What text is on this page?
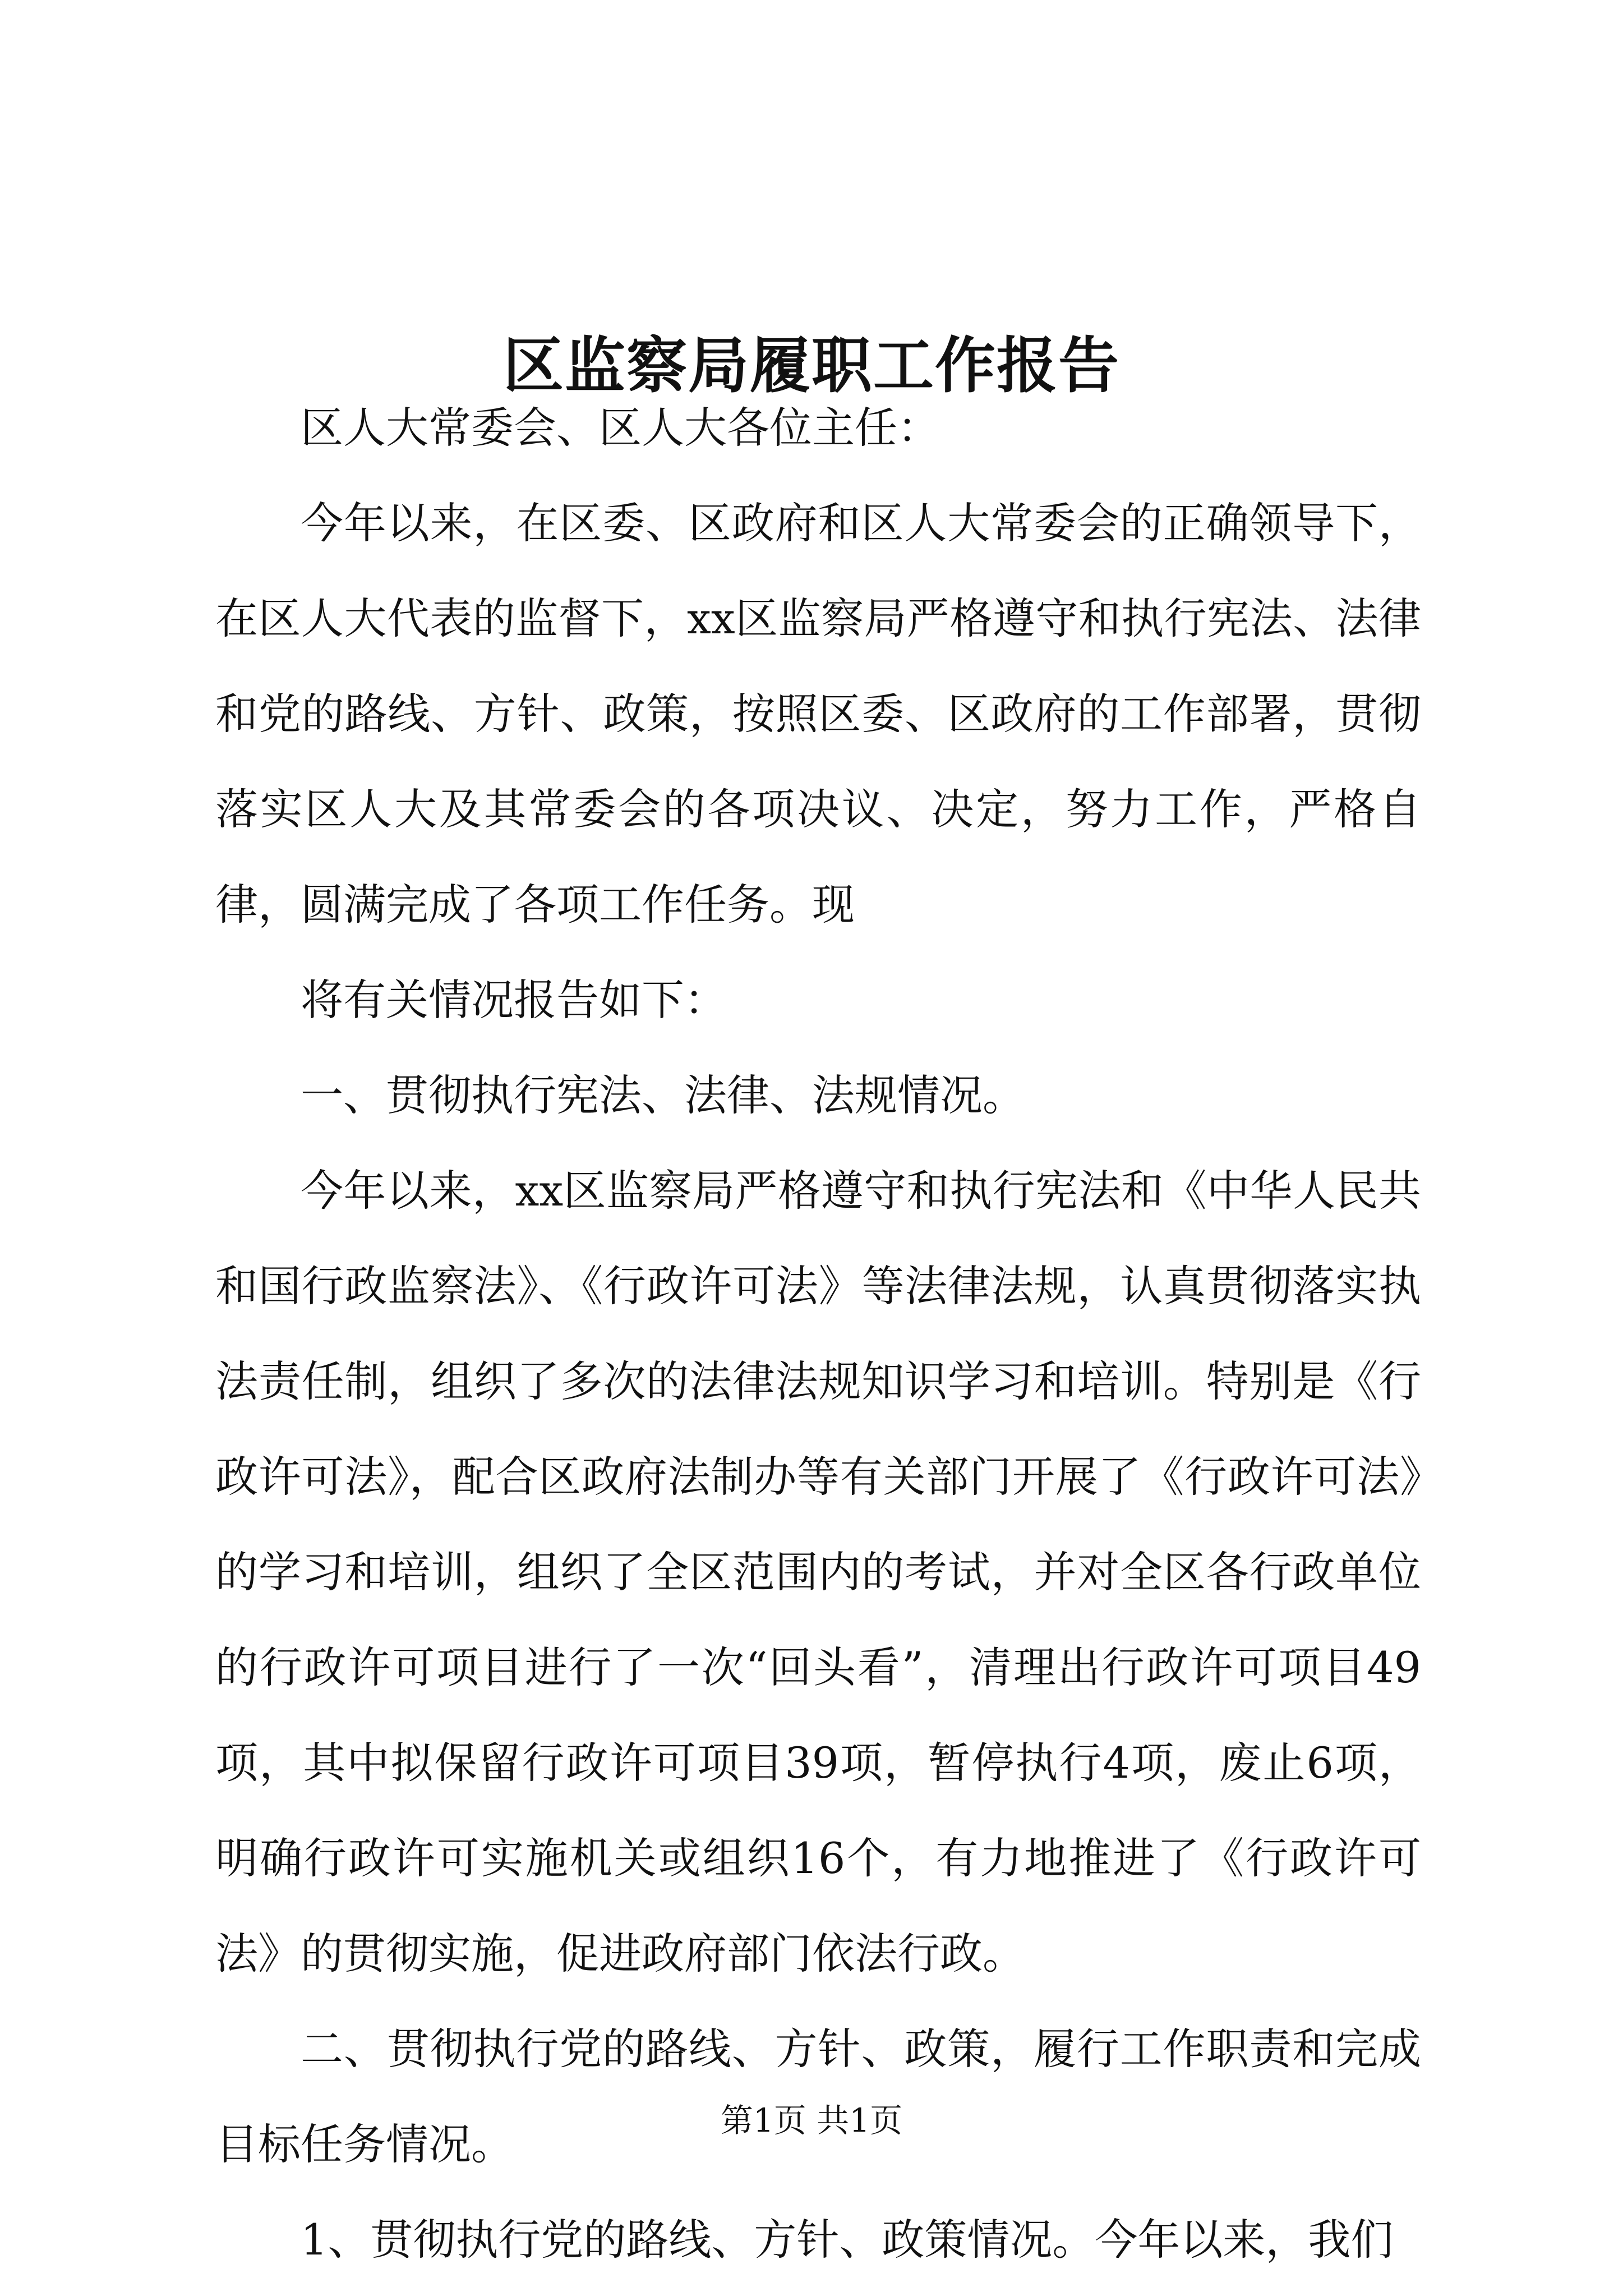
区监察局履职工作报告

区人大常委会、区人大各位主任：

今年以来，在区委、区政府和区人大常委会的正确领导下，在区人大代表的监督下，xx区监察局严格遵守和执行宪法、法律和党的路线、方针、政策，按照区委、区政府的工作部署，贯彻落实区人大及其常委会的各项决议、决定，努力工作，严格自律，圆满完成了各项工作任务。现

将有关情况报告如下：

一、贯彻执行宪法、法律、法规情况。

今年以来，xx区监察局严格遵守和执行宪法和《中华人民共和国行政监察法》、《行政许可法》等法律法规，认真贯彻落实执法责任制，组织了多次的法律法规知识学习和培训。特别是《行政许可法》，配合区政府法制办等有关部门开展了《行政许可法》的学习和培训，组织了全区范围内的考试，并对全区各行政单位的行政许可项目进行了一次“回头看”，清理出行政许可项目49项，其中拟保留行政许可项目39项，暂停执行4项，废止6项，明确行政许可实施机关或组织16个，有力地推进了《行政许可法》的贯彻实施，促进政府部门依法行政。

二、贯彻执行党的路线、方针、政策，履行工作职责和完成目标任务情况。

1、贯彻执行党的路线、方针、政策情况。今年以来，我们

第1页 共1页
